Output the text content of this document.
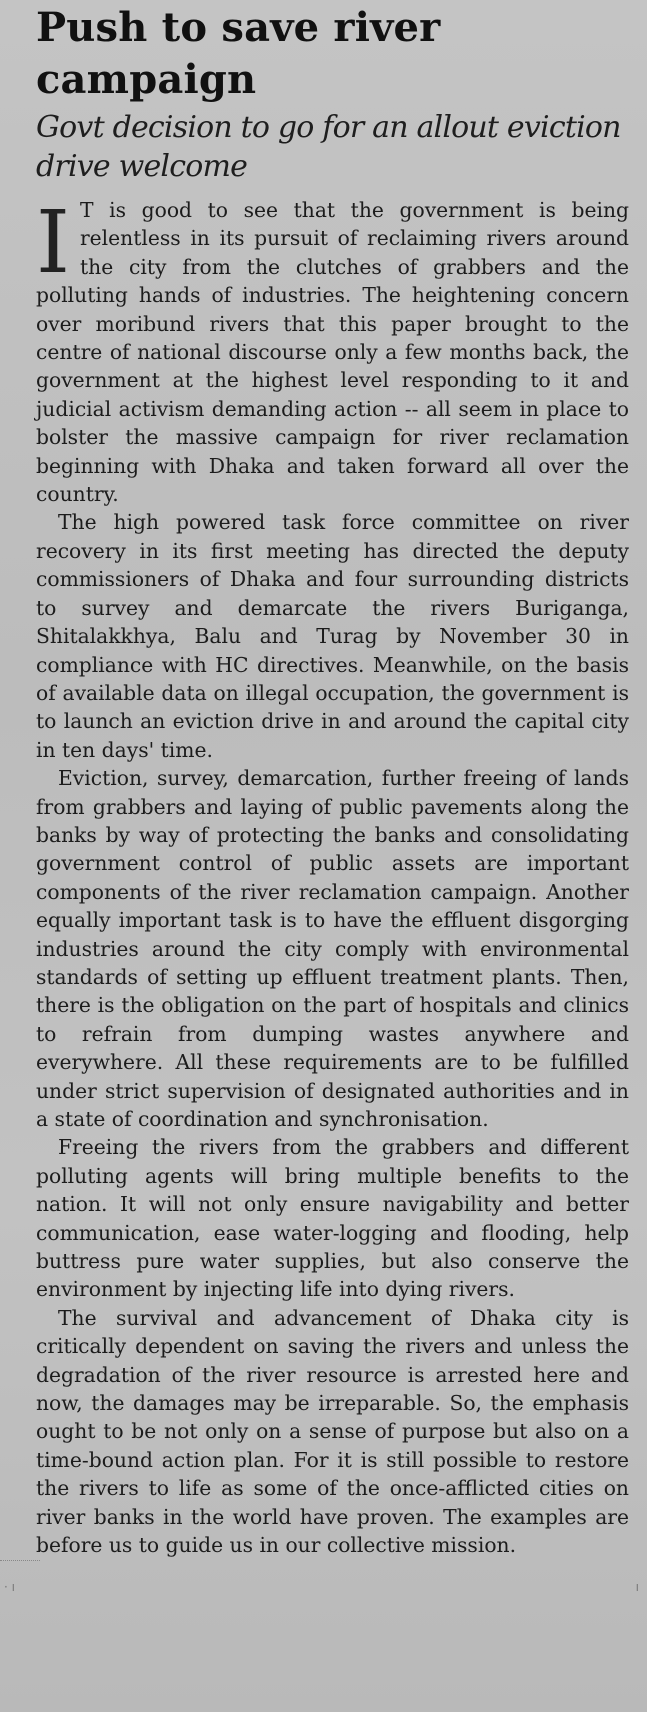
Push to save river campaign
Govt decision to go for an allout eviction drive welcome

I T is good to see that the government is being relentless in its pursuit of reclaiming rivers around the city from the clutches of grabbers and the polluting hands of industries. The heightening concern over moribund rivers that this paper brought to the centre of national discourse only a few months back, the government at the highest level responding to it and judicial activism demanding action -- all seem in place to bolster the massive campaign for river reclamation beginning with Dhaka and taken forward all over the country.

The high powered task force committee on river recovery in its first meeting has directed the deputy commissioners of Dhaka and four surrounding districts to survey and demarcate the rivers Buriganga, Shitalakkhya, Balu and Turag by November 30 in compliance with HC directives. Meanwhile, on the basis of available data on illegal occupation, the government is to launch an eviction drive in and around the capital city in ten days' time.

Eviction, survey, demarcation, further freeing of lands from grabbers and laying of public pavements along the banks by way of protecting the banks and consolidating government control of public assets are important components of the river reclamation campaign. Another equally important task is to have the effluent disgorging industries around the city comply with environmental standards of setting up effluent treatment plants. Then, there is the obligation on the part of hospitals and clinics to refrain from dumping wastes anywhere and everywhere. All these requirements are to be fulfilled under strict supervision of designated authorities and in a state of coordination and synchronisation.

Freeing the rivers from the grabbers and different polluting agents will bring multiple benefits to the nation. It will not only ensure navigability and better communication, ease water-logging and flooding, help buttress pure water supplies, but also conserve the environment by injecting life into dying rivers.

The survival and advancement of Dhaka city is critically dependent on saving the rivers and unless the degradation of the river resource is arrested here and now, the damages may be irreparable. So, the emphasis ought to be not only on a sense of purpose but also on a time-bound action plan. For it is still possible to restore the rivers to life as some of the once-afflicted cities on river banks in the world have proven. The examples are before us to guide us in our collective mission.

· ı	ı
